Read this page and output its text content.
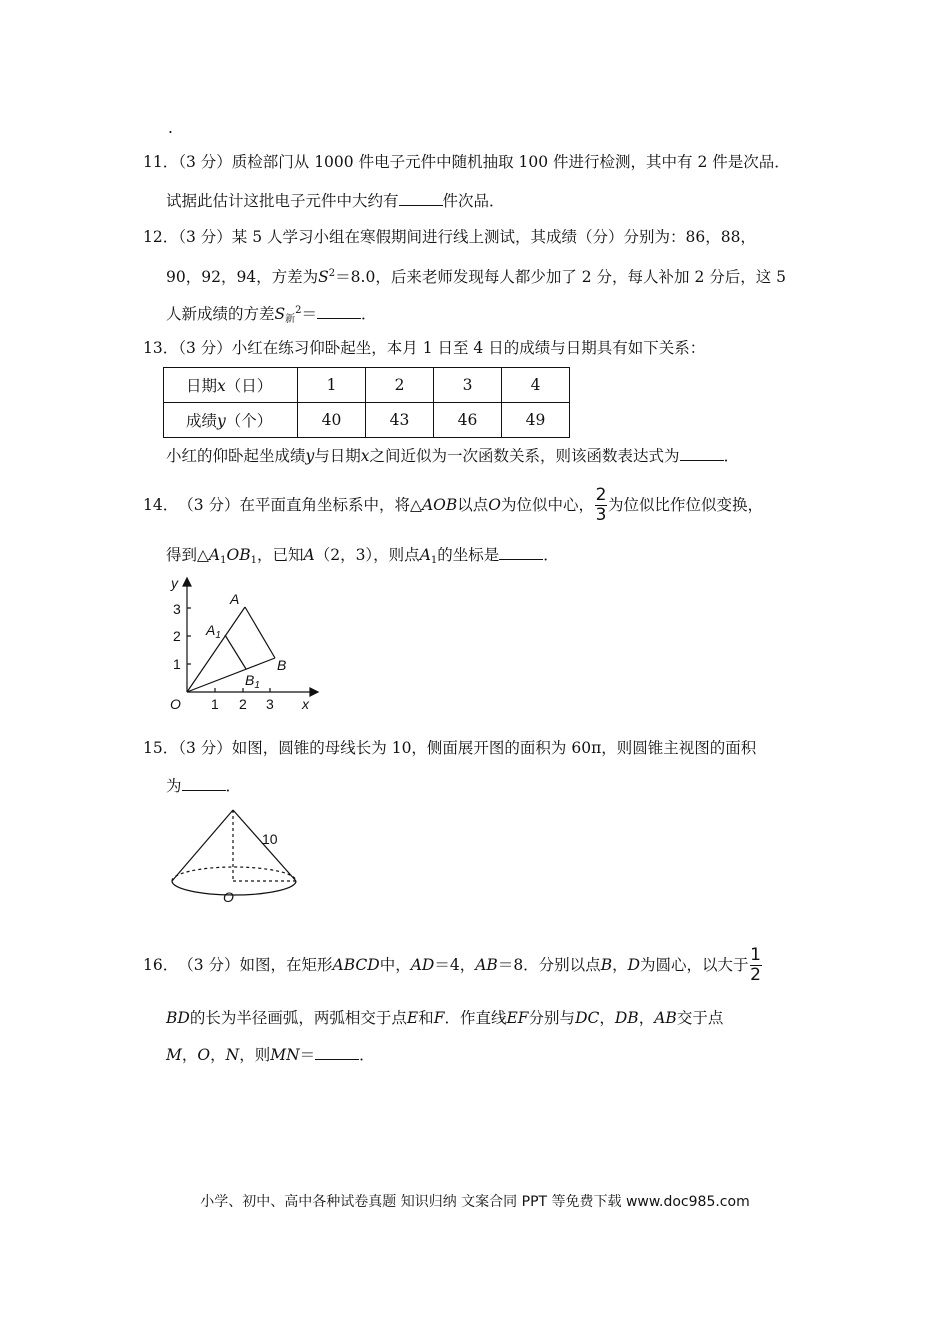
.
11．（3 分）质检部门从 1000 件电子元件中随机抽取 100 件进行检测，其中有 2 件是次品．
试据此估计这批电子元件中大约有	件次品．
12．（3 分）某 5 人学习小组在寒假期间进行线上测试，其成绩（分）分别为：86，88，
90，92，94，方差为$S^2=8.0$，后来老师发现每人都少加了 2 分，每人补加 2 分后，这 5
人新成绩的方差$S_新^2=$	．
13．（3 分）小红在练习仰卧起坐，本月 1 日至 4 日的成绩与日期具有如下关系：
日期x（日）	1	2	3	4
成绩y（个）	40	43	46	49
小红的仰卧起坐成绩y与日期x之间近似为一次函数关系，则该函数表达式为	．
14． （3 分）在平面直角坐标系中，将△ AOB 以点 O 为位似中心， $\frac{2}{3}$ 为位似比作位似变换，
得到$\triangle A_1OB_1$，已知A（2，3），则点$A_1$的坐标是	．
y
x
O
3
2
1
1 2 3
A
$A_1$
B
$B_1$
15．（3 分）如图，圆锥的母线长为 10，侧面展开图的面积为 60π，则圆锥主视图的面积
为	．
10
O
16． （3 分）如图，在矩形 ABCD 中， AD ＝4， AB ＝8．分别以点 B ， D 为圆心，以大于 $\frac{1}{2}$
BD的长为半径画弧，两弧相交于点E和F．作直线EF分别与DC，DB，AB交于点
M，O，N，则MN＝	．
小学、初中、高中各种试卷真题 知识归纳 文案合同 PPT 等免费下载 www.doc985.com
